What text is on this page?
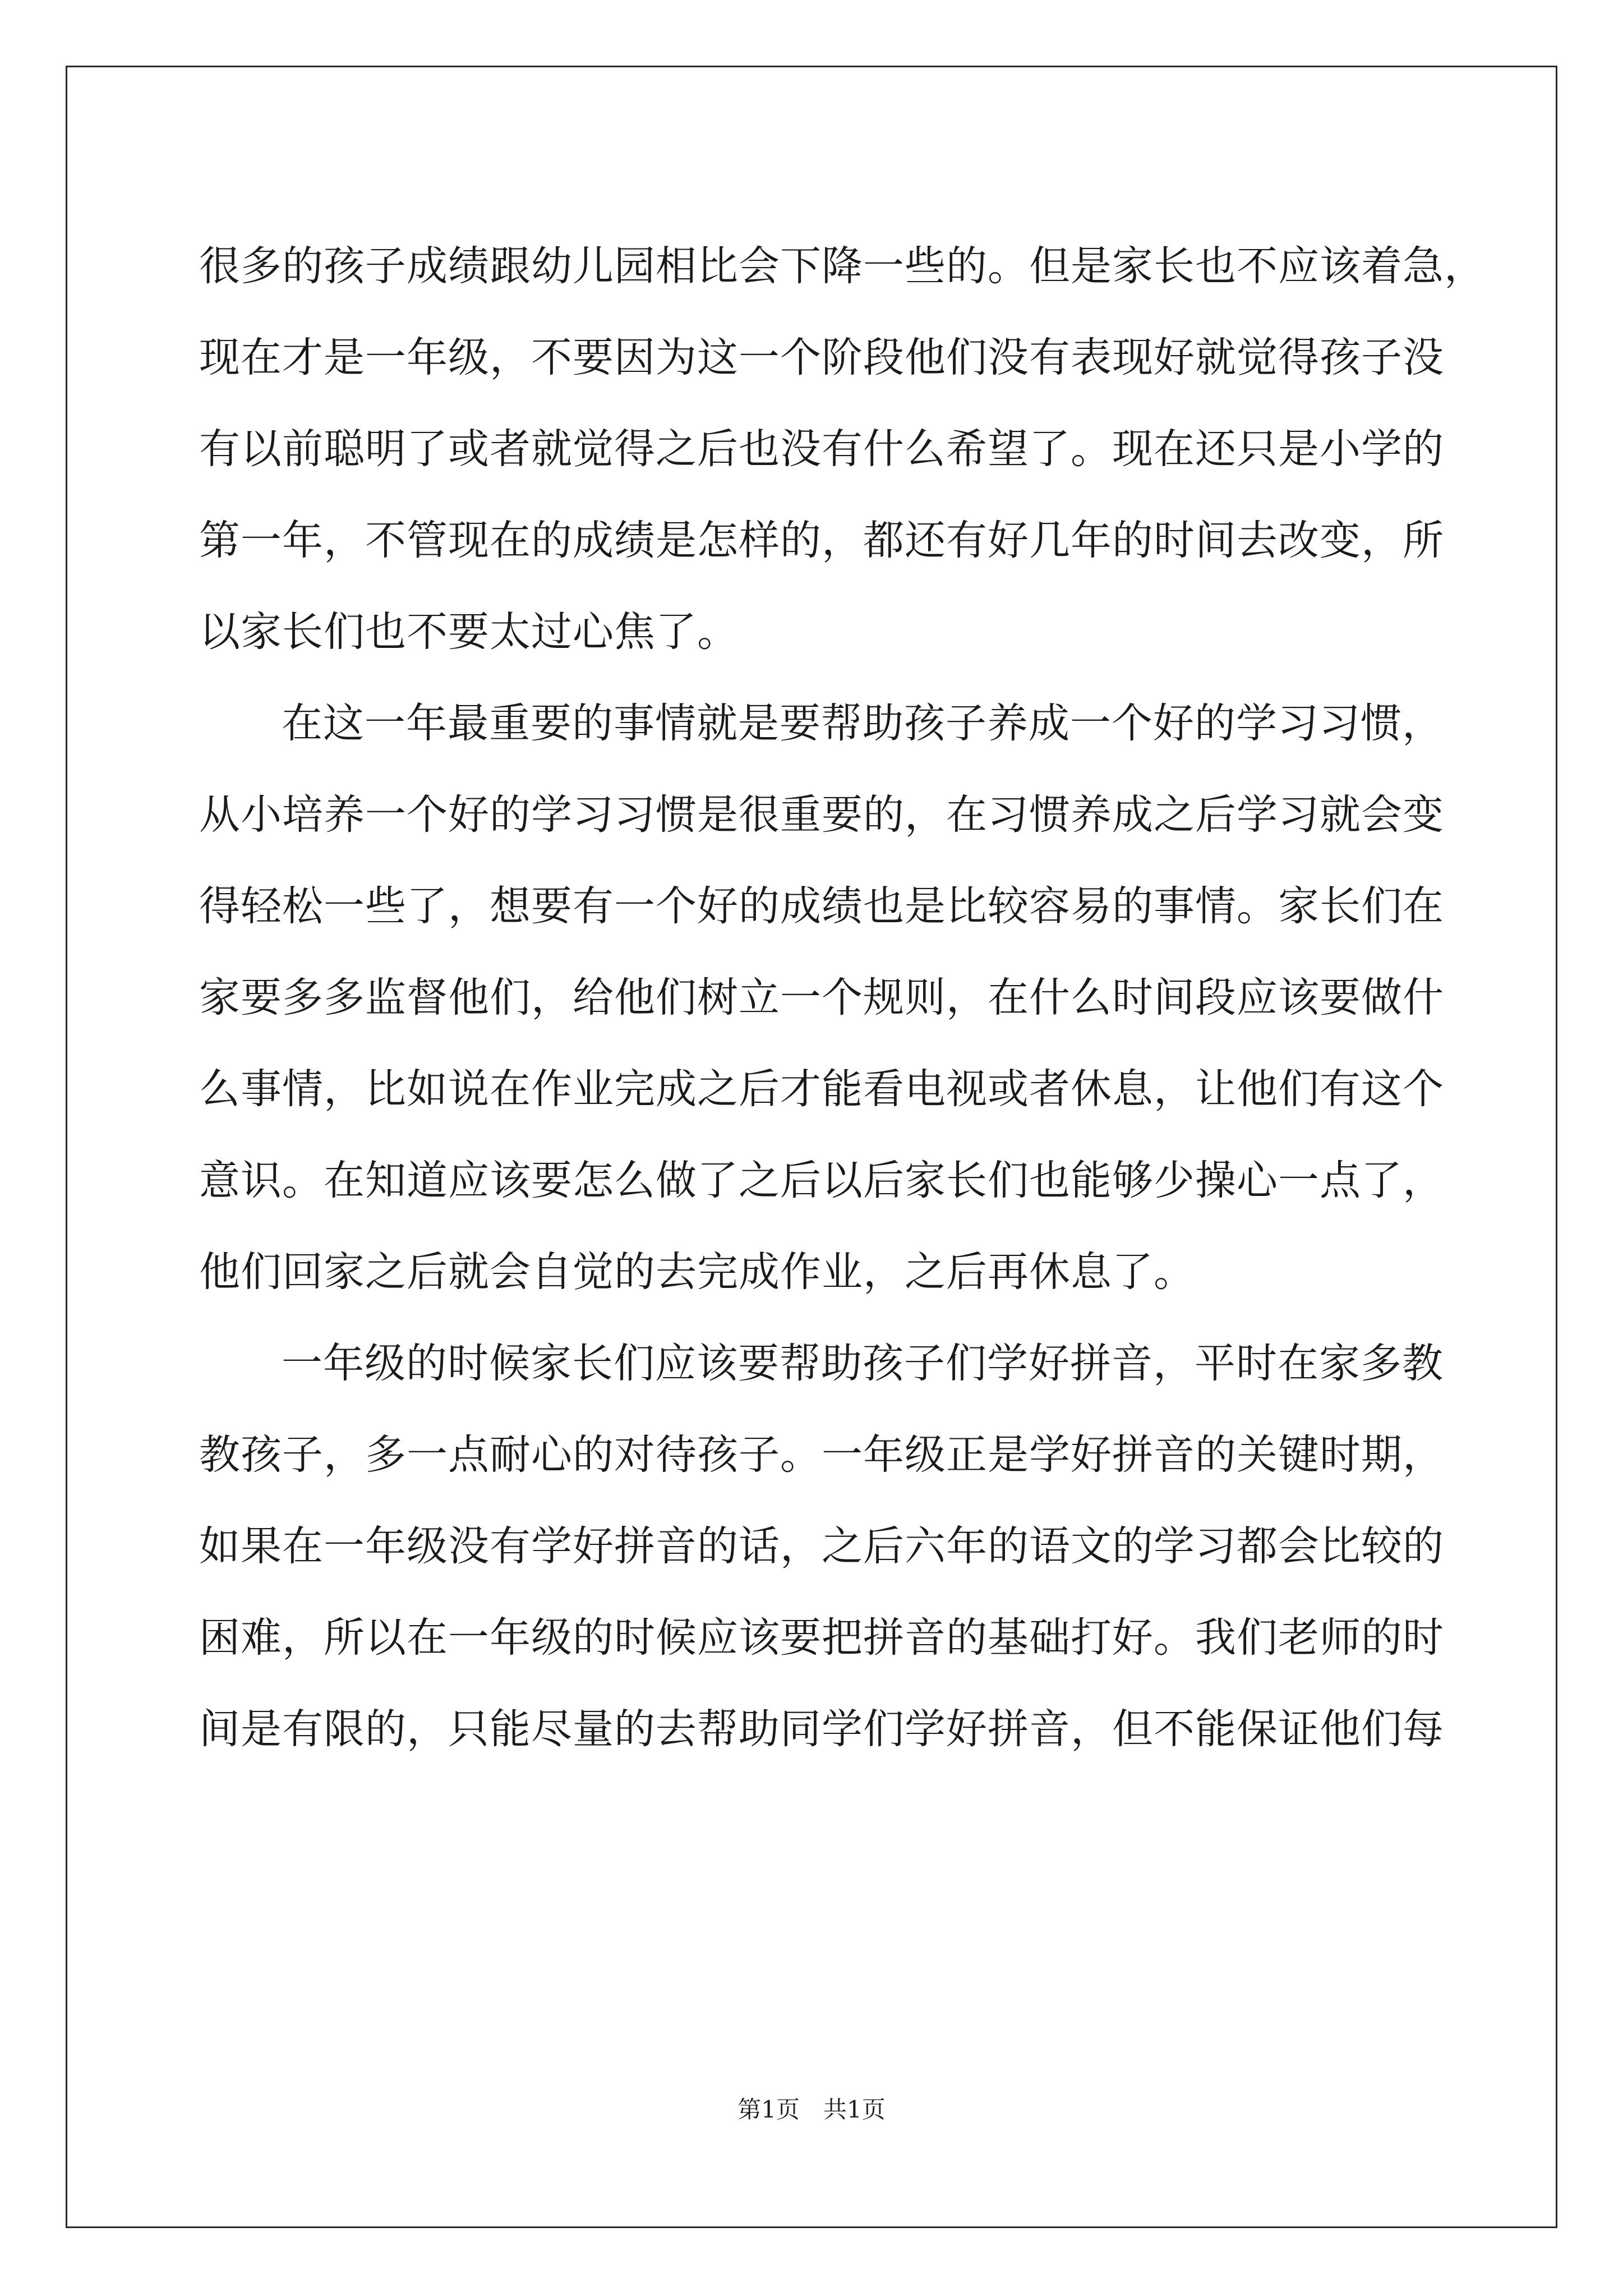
很多的孩子成绩跟幼儿园相比会下降一些的。但是家长也不应该着急，
现在才是一年级，不要因为这一个阶段他们没有表现好就觉得孩子没
有以前聪明了或者就觉得之后也没有什么希望了。现在还只是小学的
第一年，不管现在的成绩是怎样的，都还有好几年的时间去改变，所
以家长们也不要太过心焦了。
在这一年最重要的事情就是要帮助孩子养成一个好的学习习惯，
从小培养一个好的学习习惯是很重要的，在习惯养成之后学习就会变
得轻松一些了，想要有一个好的成绩也是比较容易的事情。家长们在
家要多多监督他们，给他们树立一个规则，在什么时间段应该要做什
么事情，比如说在作业完成之后才能看电视或者休息，让他们有这个
意识。在知道应该要怎么做了之后以后家长们也能够少操心一点了，
他们回家之后就会自觉的去完成作业，之后再休息了。
一年级的时候家长们应该要帮助孩子们学好拼音，平时在家多教
教孩子，多一点耐心的对待孩子。一年级正是学好拼音的关键时期，
如果在一年级没有学好拼音的话，之后六年的语文的学习都会比较的
困难，所以在一年级的时候应该要把拼音的基础打好。我们老师的时
间是有限的，只能尽量的去帮助同学们学好拼音，但不能保证他们每
第1页　共1页
